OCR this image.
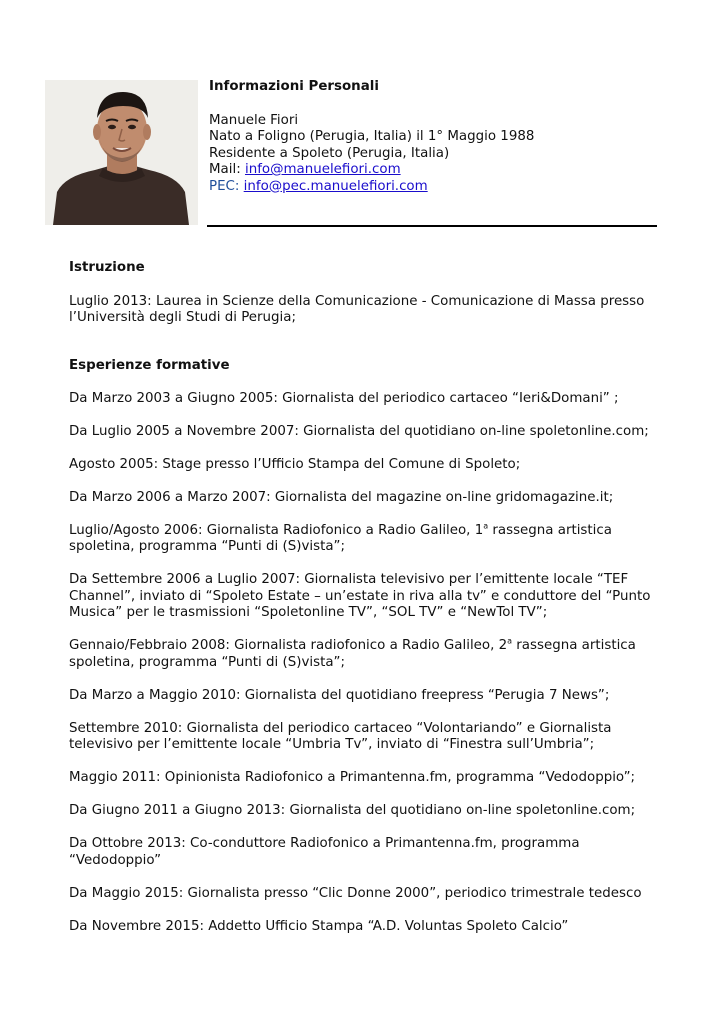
Informazioni Personali
Manuele Fiori
Nato a Foligno (Perugia, Italia) il 1° Maggio 1988
Residente a Spoleto (Perugia, Italia)
Mail: info@manuelefiori.com
PEC: info@pec.manuelefiori.com
Istruzione

Luglio 2013: Laurea in Scienze della Comunicazione - Comunicazione di Massa presso l’Università degli Studi di Perugia;

Esperienze formative

Da Marzo 2003 a Giugno 2005: Giornalista del periodico cartaceo “Ieri&Domani” ;

Da Luglio 2005 a Novembre 2007: Giornalista del quotidiano on-line spoletonline.com;

Agosto 2005: Stage presso l’Ufficio Stampa del Comune di Spoleto;

Da Marzo 2006 a Marzo 2007: Giornalista del magazine on-line gridomagazine.it;

Luglio/Agosto 2006: Giornalista Radiofonico a Radio Galileo, 1$^a$ rassegna artistica spoletina, programma “Punti di (S)vista”;

Da Settembre 2006 a Luglio 2007: Giornalista televisivo per l’emittente locale “TEF Channel”, inviato di “Spoleto Estate – un’estate in riva alla tv” e conduttore del “Punto Musica” per le trasmissioni “Spoletonline TV”, “SOL TV” e “NewTol TV”;

Gennaio/Febbraio 2008: Giornalista radiofonico a Radio Galileo, 2$^a$ rassegna artistica spoletina, programma “Punti di (S)vista”;

Da Marzo a Maggio 2010: Giornalista del quotidiano freepress “Perugia 7 News”;

Settembre 2010: Giornalista del periodico cartaceo “Volontariando” e Giornalista televisivo per l’emittente locale “Umbria Tv”, inviato di “Finestra sull’Umbria”;

Maggio 2011: Opinionista Radiofonico a Primantenna.fm, programma “Vedodoppio”;

Da Giugno 2011 a Giugno 2013: Giornalista del quotidiano on-line spoletonline.com;

Da Ottobre 2013: Co-conduttore Radiofonico a Primantenna.fm, programma “Vedodoppio”

Da Maggio 2015: Giornalista presso “Clic Donne 2000”, periodico trimestrale tedesco

Da Novembre 2015: Addetto Ufficio Stampa “A.D. Voluntas Spoleto Calcio”
